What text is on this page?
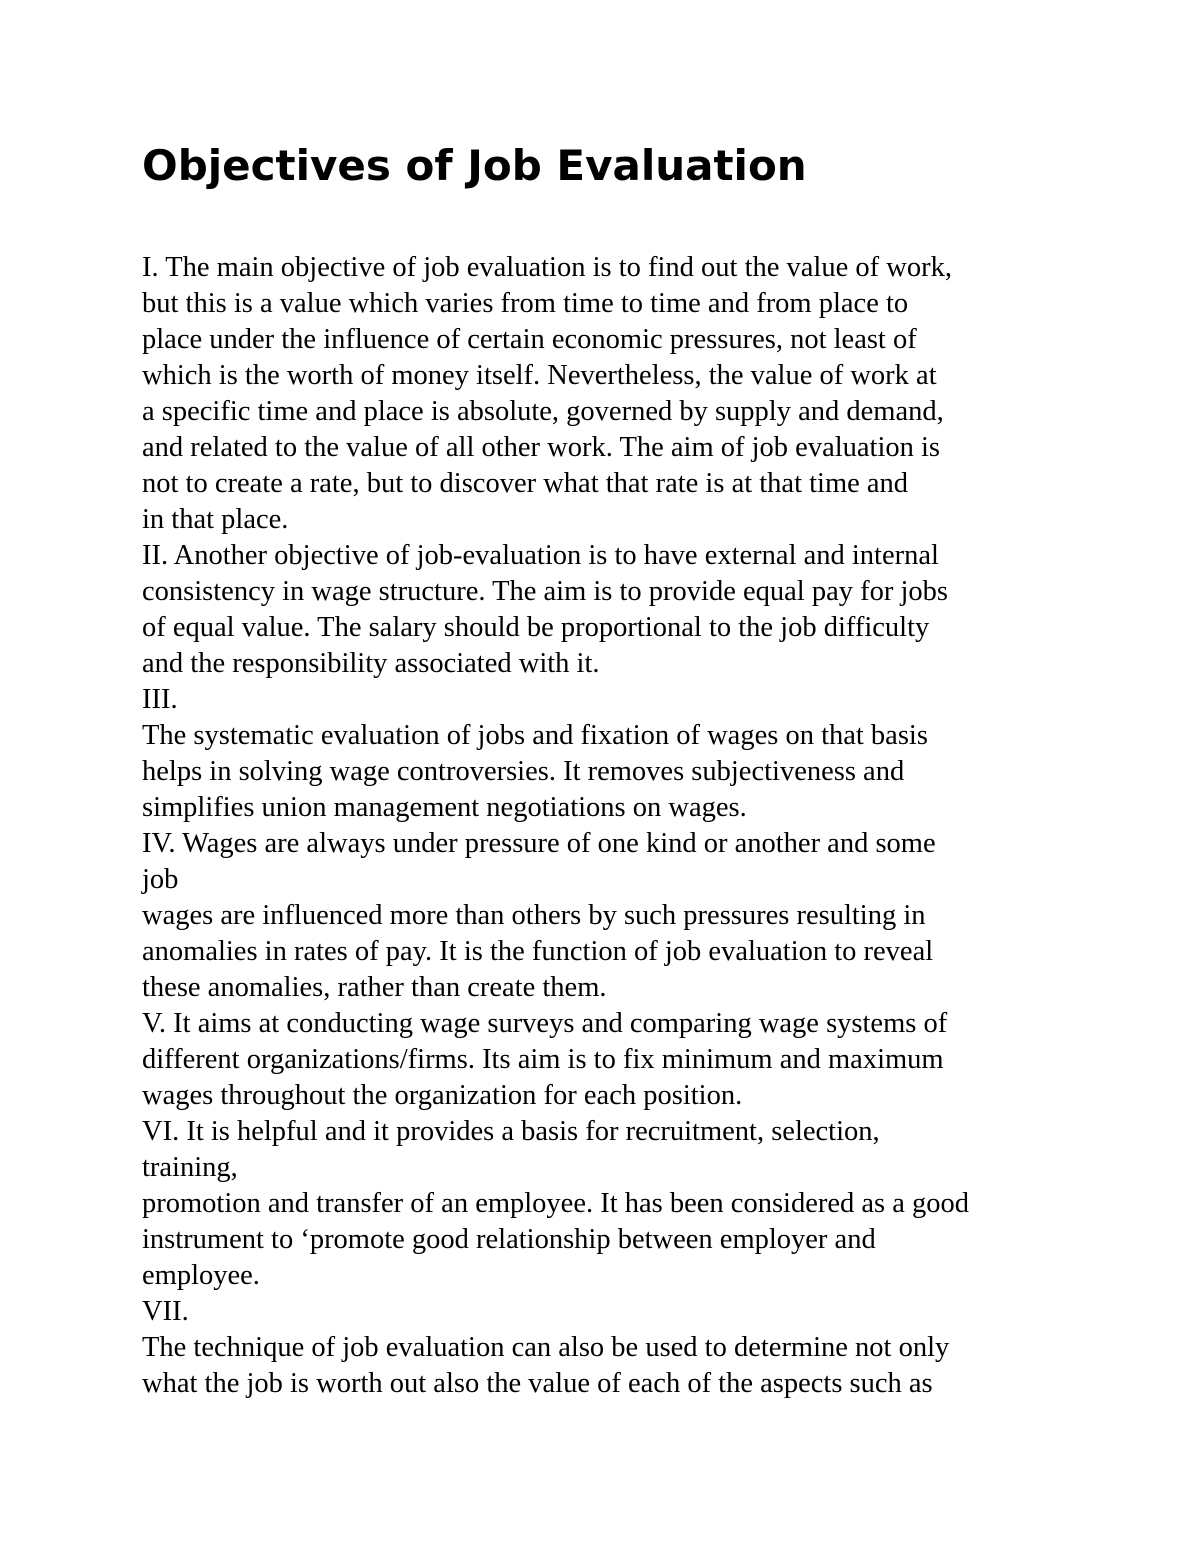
Objectives of Job Evaluation
I. The main objective of job evaluation is to find out the value of work,
but this is a value which varies from time to time and from place to
place under the influence of certain economic pressures, not least of
which is the worth of money itself. Nevertheless, the value of work at
a specific time and place is absolute, governed by supply and demand,
and related to the value of all other work. The aim of job evaluation is
not to create a rate, but to discover what that rate is at that time and
in that place.
II. Another objective of job-evaluation is to have external and internal
consistency in wage structure. The aim is to provide equal pay for jobs
of equal value. The salary should be proportional to the job difficulty
and the responsibility associated with it.
III.
The systematic evaluation of jobs and fixation of wages on that basis
helps in solving wage controversies. It removes subjectiveness and
simplifies union management negotiations on wages.
IV. Wages are always under pressure of one kind or another and some
job
wages are influenced more than others by such pressures resulting in
anomalies in rates of pay. It is the function of job evaluation to reveal
these anomalies, rather than create them.
V. It aims at conducting wage surveys and comparing wage systems of
different organizations/firms. Its aim is to fix minimum and maximum
wages throughout the organization for each position.
VI. It is helpful and it provides a basis for recruitment, selection,
training,
promotion and transfer of an employee. It has been considered as a good
instrument to ‘promote good relationship between employer and
employee.
VII.
The technique of job evaluation can also be used to determine not only
what the job is worth out also the value of each of the aspects such as
